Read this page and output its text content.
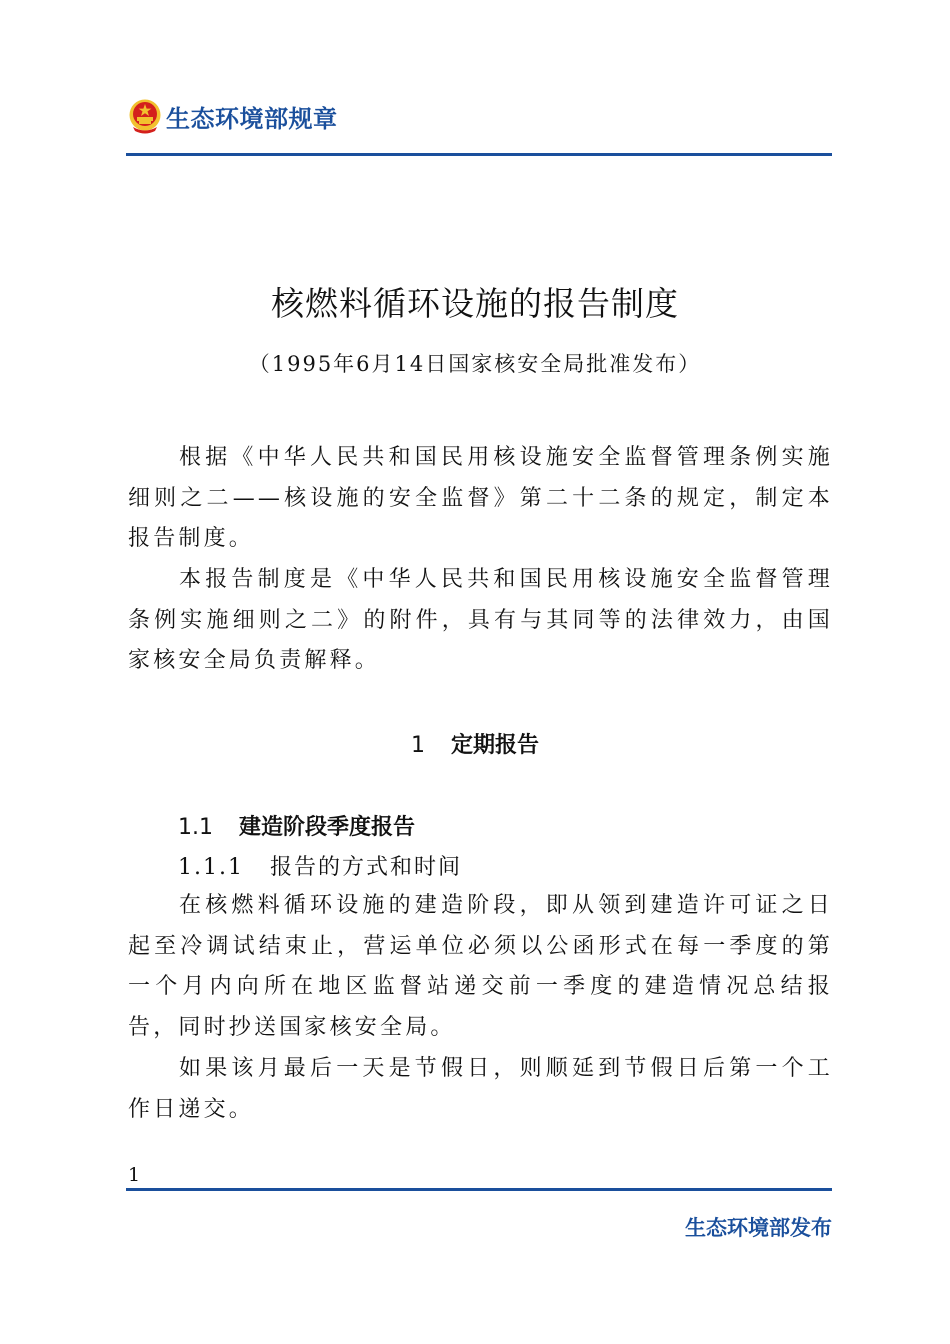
生态环境部规章
核燃料循环设施的报告制度
（1995年6月14日国家核安全局批准发布）
根据《中华人民共和国民用核设施安全监督管理条例实施细则之二——核设施的安全监督》第二十二条的规定，制定本报告制度。
本报告制度是《中华人民共和国民用核设施安全监督管理条例实施细则之二》的附件，具有与其同等的法律效力，由国家核安全局负责解释。
1 定期报告
1.1 建造阶段季度报告
1.1.1 报告的方式和时间
在核燃料循环设施的建造阶段，即从领到建造许可证之日起至冷调试结束止，营运单位必须以公函形式在每一季度的第一个月内向所在地区监督站递交前一季度的建造情况总结报告，同时抄送国家核安全局。
如果该月最后一天是节假日，则顺延到节假日后第一个工作日递交。
1
生态环境部发布
